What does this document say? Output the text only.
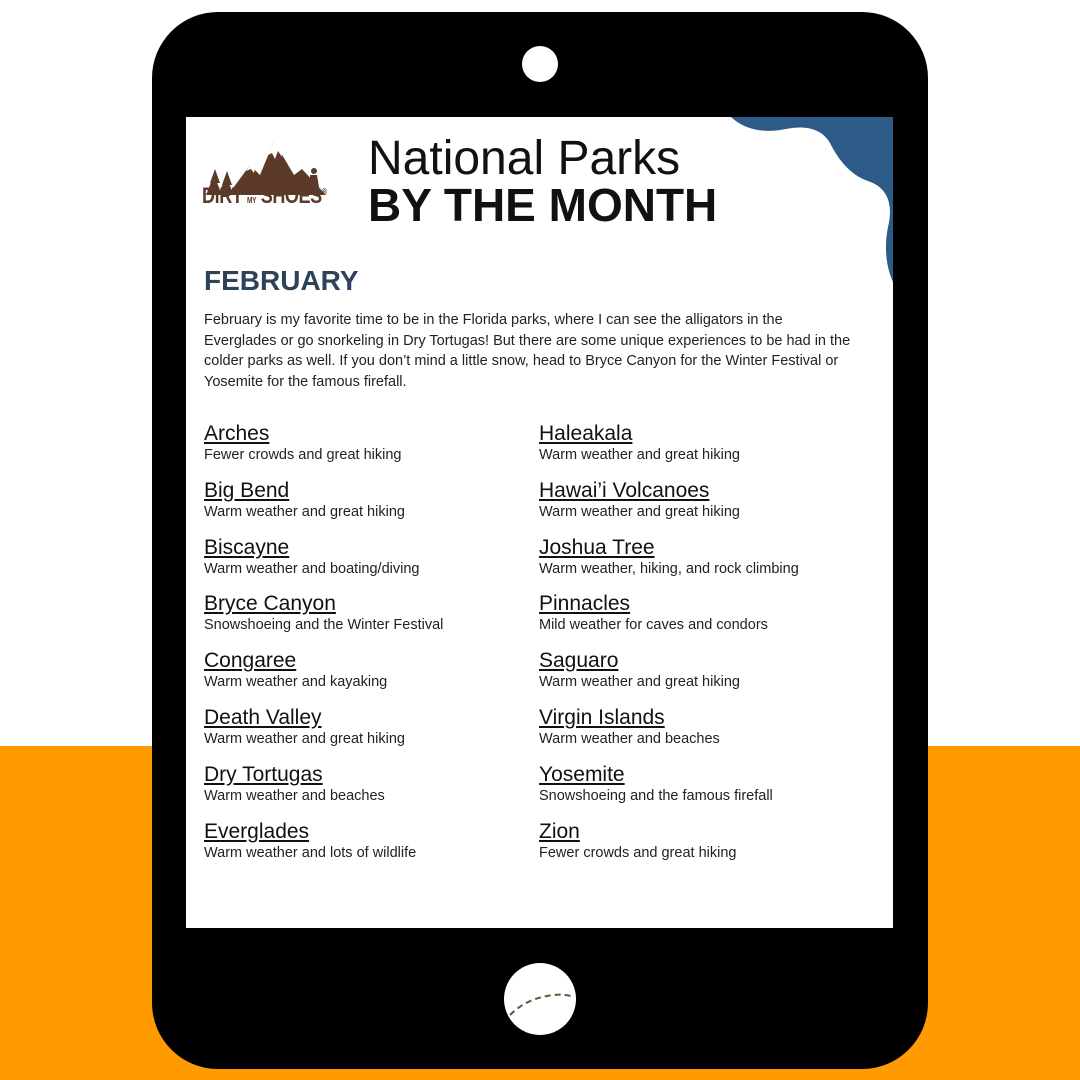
DIRT IN
MY SHOES®
National Parks
BY THE MONTH
FEBRUARY
February is my favorite time to be in the Florida parks, where I can see the alligators in the Everglades or go snorkeling in Dry Tortugas! But there are some unique experiences to be had in the colder parks as well. If you don’t mind a little snow, head to Bryce Canyon for the Winter Festival or Yosemite for the famous firefall.
Arches
Fewer crowds and great hiking
Big Bend
Warm weather and great hiking
Biscayne
Warm weather and boating/diving
Bryce Canyon
Snowshoeing and the Winter Festival
Congaree
Warm weather and kayaking
Death Valley
Warm weather and great hiking
Dry Tortugas
Warm weather and beaches
Everglades
Warm weather and lots of wildlife
Haleakala
Warm weather and great hiking
Hawai’i Volcanoes
Warm weather and great hiking
Joshua Tree
Warm weather, hiking, and rock climbing
Pinnacles
Mild weather for caves and condors
Saguaro
Warm weather and great hiking
Virgin Islands
Warm weather and beaches
Yosemite
Snowshoeing and the famous firefall
Zion
Fewer crowds and great hiking
